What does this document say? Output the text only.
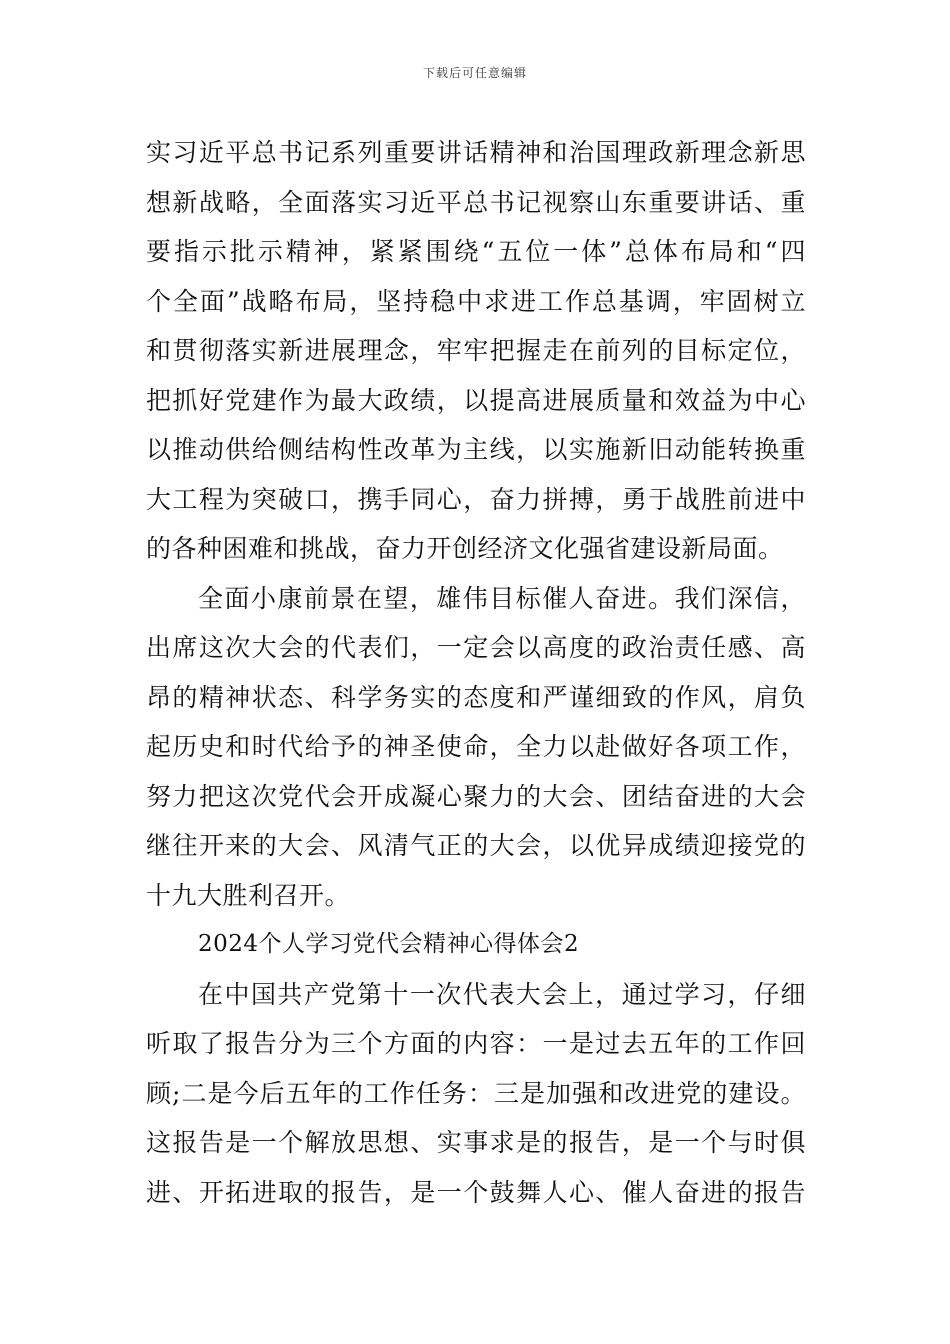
下载后可任意编辑
实习近平总书记系列重要讲话精神和治国理政新理念新思
想新战略，全面落实习近平总书记视察山东重要讲话、重
要指示批示精神，紧紧围绕“五位一体”总体布局和“四
个全面”战略布局，坚持稳中求进工作总基调，牢固树立
和贯彻落实新进展理念，牢牢把握走在前列的目标定位，
把抓好党建作为最大政绩，以提高进展质量和效益为中心
以推动供给侧结构性改革为主线，以实施新旧动能转换重
大工程为突破口，携手同心，奋力拼搏，勇于战胜前进中
的各种困难和挑战，奋力开创经济文化强省建设新局面。
全面小康前景在望，雄伟目标催人奋进。我们深信，
出席这次大会的代表们，一定会以高度的政治责任感、高
昂的精神状态、科学务实的态度和严谨细致的作风，肩负
起历史和时代给予的神圣使命，全力以赴做好各项工作，
努力把这次党代会开成凝心聚力的大会、团结奋进的大会
继往开来的大会、风清气正的大会，以优异成绩迎接党的
十九大胜利召开。
2024个人学习党代会精神心得体会2
在中国共产党第十一次代表大会上，通过学习，仔细
听取了报告分为三个方面的内容：一是过去五年的工作回
顾;二是今后五年的工作任务：三是加强和改进党的建设。
这报告是一个解放思想、实事求是的报告，是一个与时俱
进、开拓进取的报告，是一个鼓舞人心、催人奋进的报告
